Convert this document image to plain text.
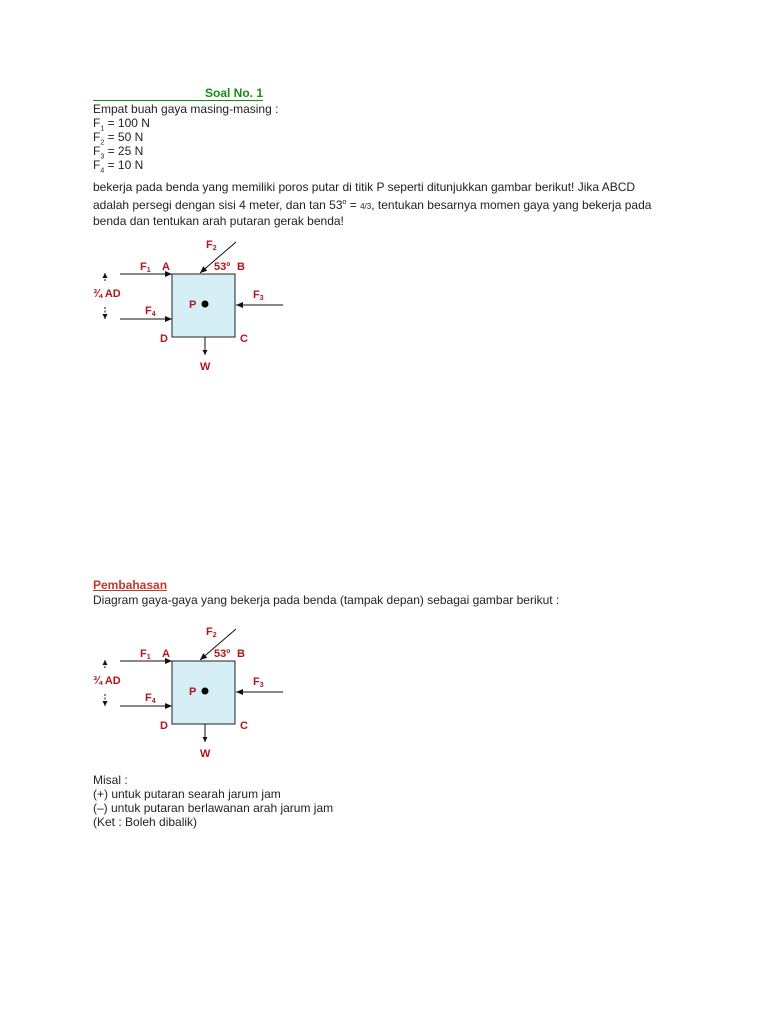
Soal No. 1
Empat buah gaya masing-masing :
$F_1 = 100$ N
$F_2 = 50$ N
$F_3 = 25$ N
$F_4 = 10$ N
bekerja pada benda yang memiliki poros putar di titik P seperti ditunjukkan gambar berikut! Jika ABCD adalah persegi dengan sisi 4 meter, dan $\tan 53^o = 4/3$, tentukan besarnya momen gaya yang bekerja pada benda dan tentukan arah putaran gerak benda!
F1 A
F2
53º B
F3
¾ AD
F4
P
D	C
W
Pembahasan
Diagram gaya-gaya yang bekerja pada benda (tampak depan) sebagai gambar berikut :
F1 A
F2
53º B
F3
¾ AD
F4
P
D	C
W
Misal :
(+) untuk putaran searah jarum jam
(–) untuk putaran berlawanan arah jarum jam
(Ket : Boleh dibalik)
